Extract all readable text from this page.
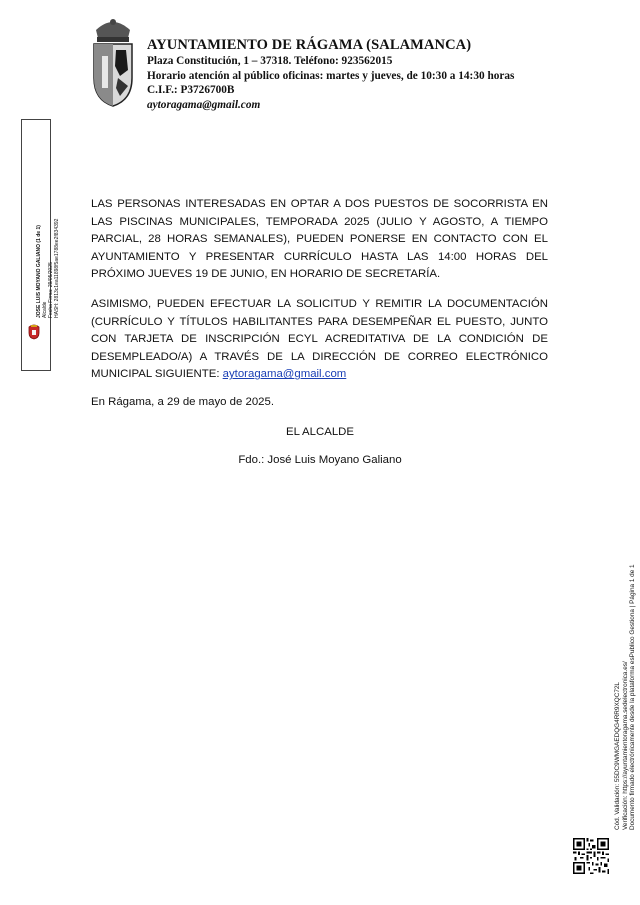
AYUNTAMIENTO DE RÁGAMA (SALAMANCA)
Plaza Constitución, 1 – 37318. Teléfono: 923562015
Horario atención al público oficinas: martes y jueves, de 10:30 a 14:30 horas
C.I.F.: P3726700B
aytoragama@gmail.com
JOSE LUIS MOYANO GALIANO (1 de 1) Alcalde Fecha Firma: 29/05/2025 HASH: 2813c1ea11898f5ae1788ee2f834392

LAS PERSONAS INTERESADAS EN OPTAR A DOS PUESTOS DE SOCORRISTA EN LAS PISCINAS MUNICIPALES, TEMPORADA 2025 (JULIO Y AGOSTO, A TIEMPO PARCIAL, 28 HORAS SEMANALES), PUEDEN PONERSE EN CONTACTO CON EL AYUNTAMIENTO Y PRESENTAR CURRÍCULO HASTA LAS 14:00 HORAS DEL PRÓXIMO JUEVES 19 DE JUNIO, EN HORARIO DE SECRETARÍA.

ASIMISMO, PUEDEN EFECTUAR LA SOLICITUD Y REMITIR LA DOCUMENTACIÓN (CURRÍCULO Y TÍTULOS HABILITANTES PARA DESEMPEÑAR EL PUESTO, JUNTO CON TARJETA DE INSCRIPCIÓN ECYL ACREDITATIVA DE LA CONDICIÓN DE DESEMPLEADO/A) A TRAVÉS DE LA DIRECCIÓN DE CORREO ELECTRÓNICO MUNICIPAL SIGUIENTE: aytoragama@gmail.com

En Rágama, a 29 de mayo de 2025.

EL ALCALDE
Fdo.: José Luis Moyano Galiano
Cód. Validación: 55DC9WMGAEDQG4RR9XQC72L Verificación: https://ayuntamientoragama.sedelectronica.es/ Documento firmado electrónicamente desde la plataforma esPublico Gestiona | Página 1 de 1
